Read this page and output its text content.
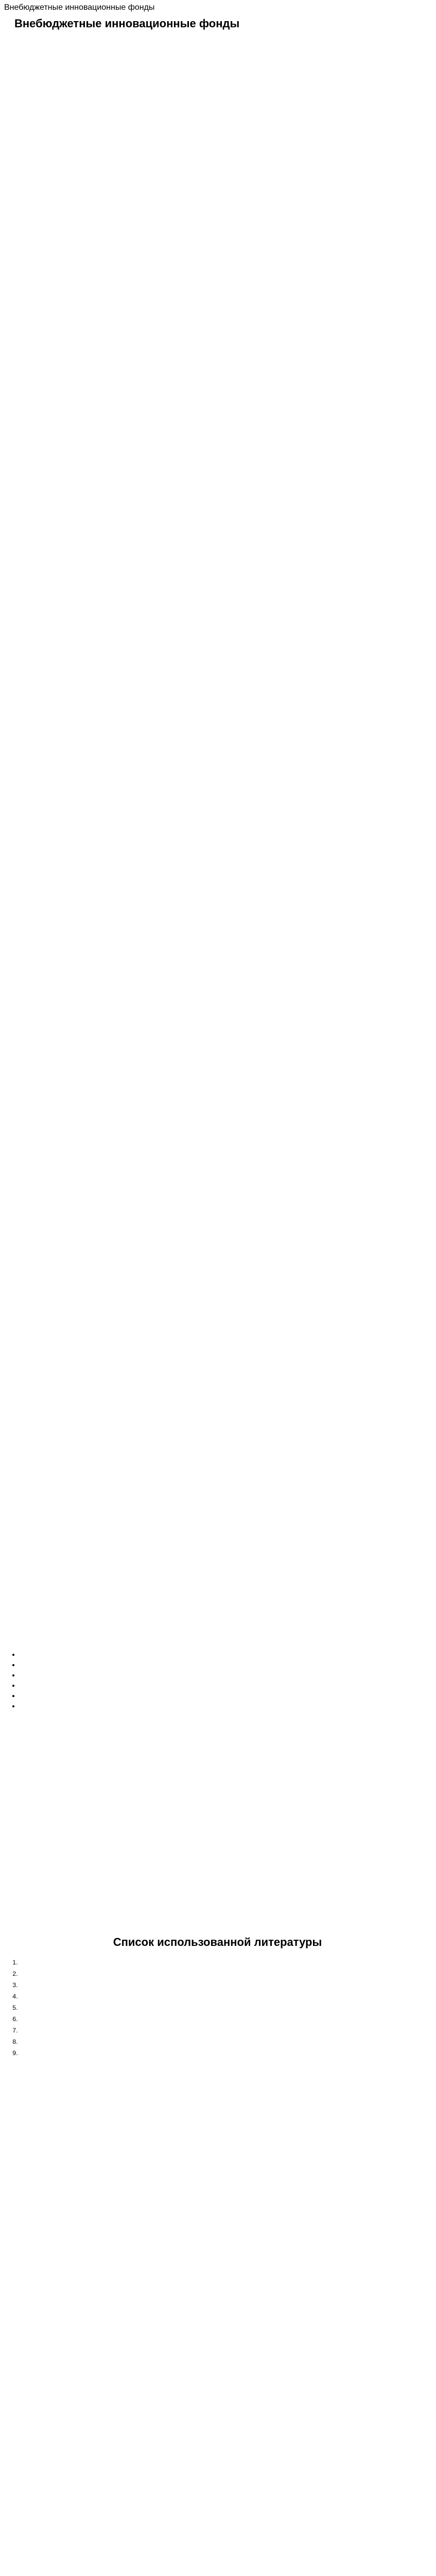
Внебюджетные инновационные фонды
Внебюджетные инновационные фонды

•
•
•
•
•
•

Список использованной литературы
1.
2.
3.
4.
5.
6.
7.
8.
9.
